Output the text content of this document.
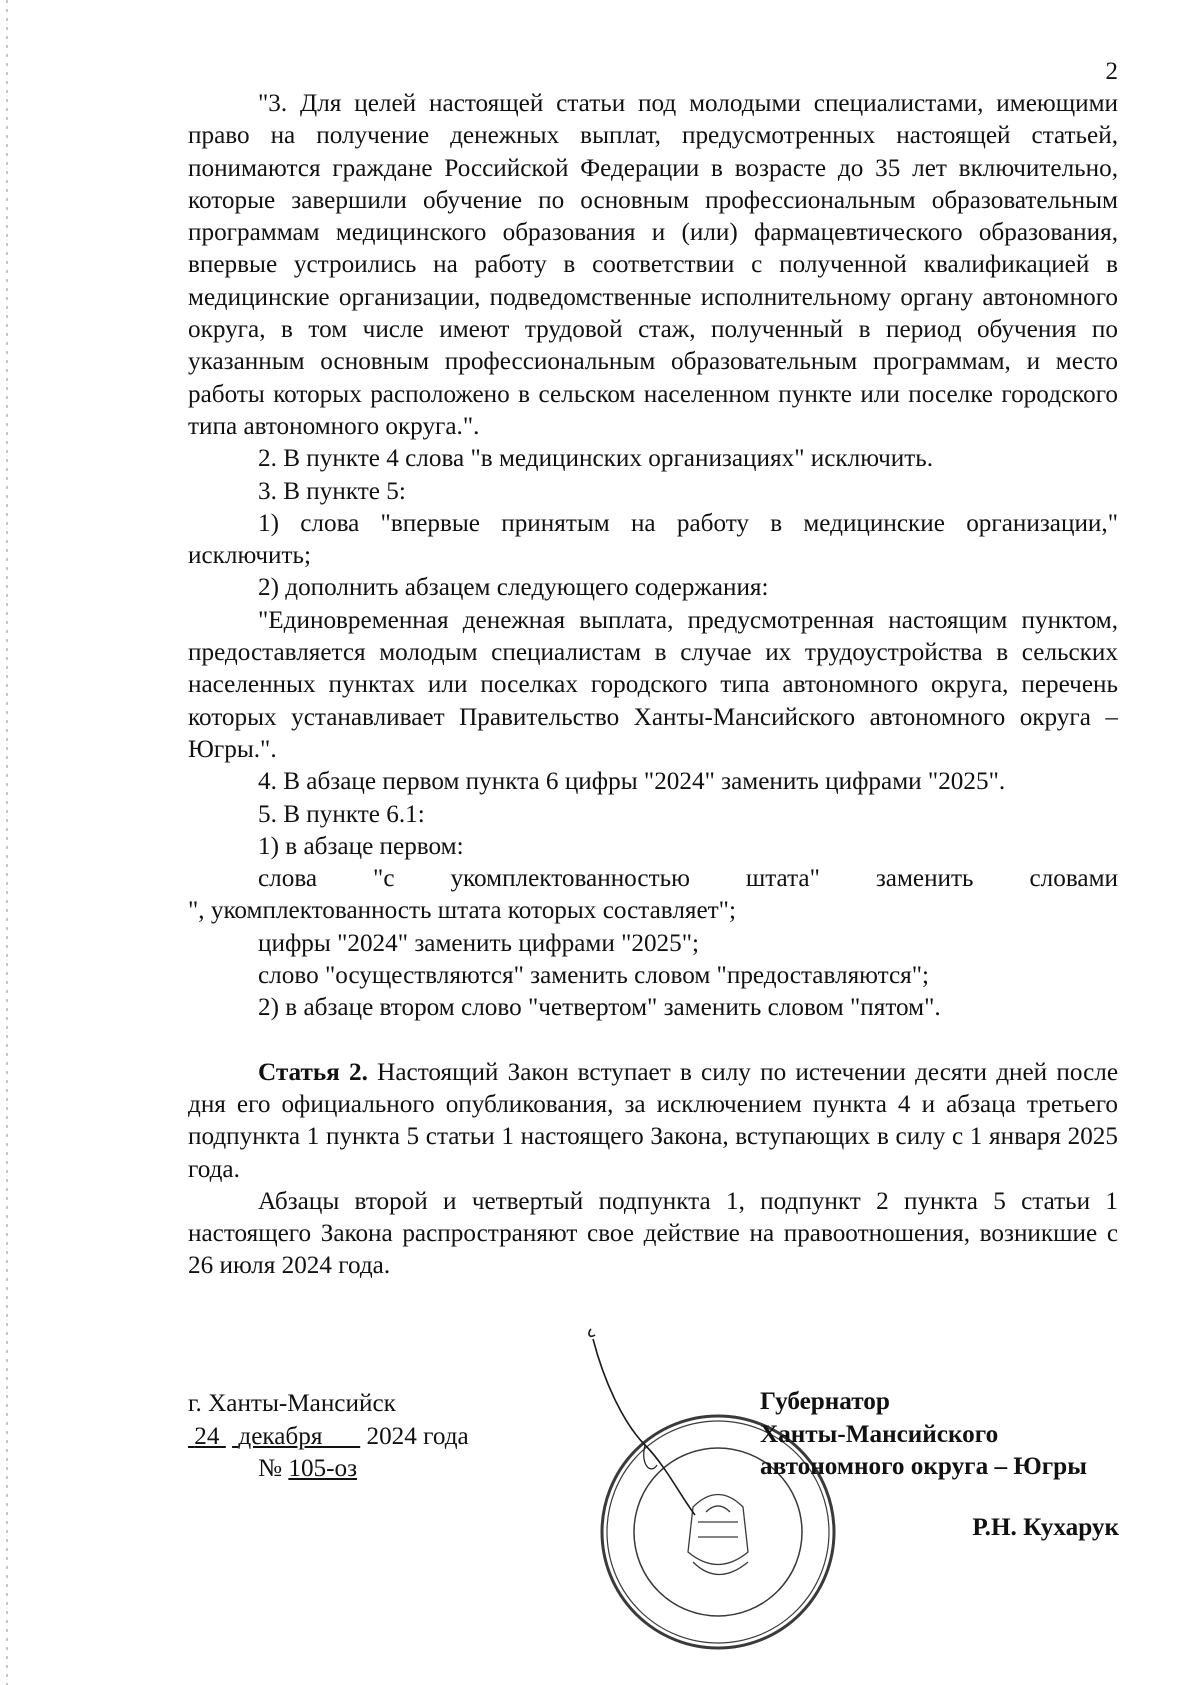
2

"3. Для целей настоящей статьи под молодыми специалистами, имеющими право на получение денежных выплат, предусмотренных настоящей статьей, понимаются граждане Российской Федерации в возрасте до 35 лет включительно, которые завершили обучение по основным профессиональным образовательным программам медицинского образования и (или) фармацевтического образования, впервые устроились на работу в соответствии с полученной квалификацией в медицинские организации, подведомственные исполнительному органу автономного округа, в том числе имеют трудовой стаж, полученный в период обучения по указанным основным профессиональным образовательным программам, и место работы которых расположено в сельском населенном пункте или поселке городского типа автономного округа.".

2. В пункте 4 слова "в медицинских организациях" исключить.

3. В пункте 5:

1) слова "впервые принятым на работу в медицинские организации," исключить;

2) дополнить абзацем следующего содержания:

"Единовременная денежная выплата, предусмотренная настоящим пунктом, предоставляется молодым специалистам в случае их трудоустройства в сельских населенных пунктах или поселках городского типа автономного округа, перечень которых устанавливает Правительство Ханты-Мансийского автономного округа – Югры.".

4. В абзаце первом пункта 6 цифры "2024" заменить цифрами "2025".

5. В пункте 6.1:

1) в абзаце первом:

слова "с укомплектованностью штата" заменить словами

", укомплектованность штата которых составляет";

цифры "2024" заменить цифрами "2025";

слово "осуществляются" заменить словом "предоставляются";

2) в абзаце втором слово "четвертом" заменить словом "пятом".

Статья 2. Настоящий Закон вступает в силу по истечении десяти дней после дня его официального опубликования, за исключением пункта 4 и абзаца третьего подпункта 1 пункта 5 статьи 1 настоящего Закона, вступающих в силу с 1 января 2025 года.

Абзацы второй и четвертый подпункта 1, подпункт 2 пункта 5 статьи 1 настоящего Закона распространяют свое действие на правоотношения, возникшие с 26 июля 2024 года.

г. Ханты-Мансийск
24 декабря 2024 года
№ 105-оз
Губернатор
Ханты-Мансийского
автономного округа – Югры
Р.Н. Кухарук
